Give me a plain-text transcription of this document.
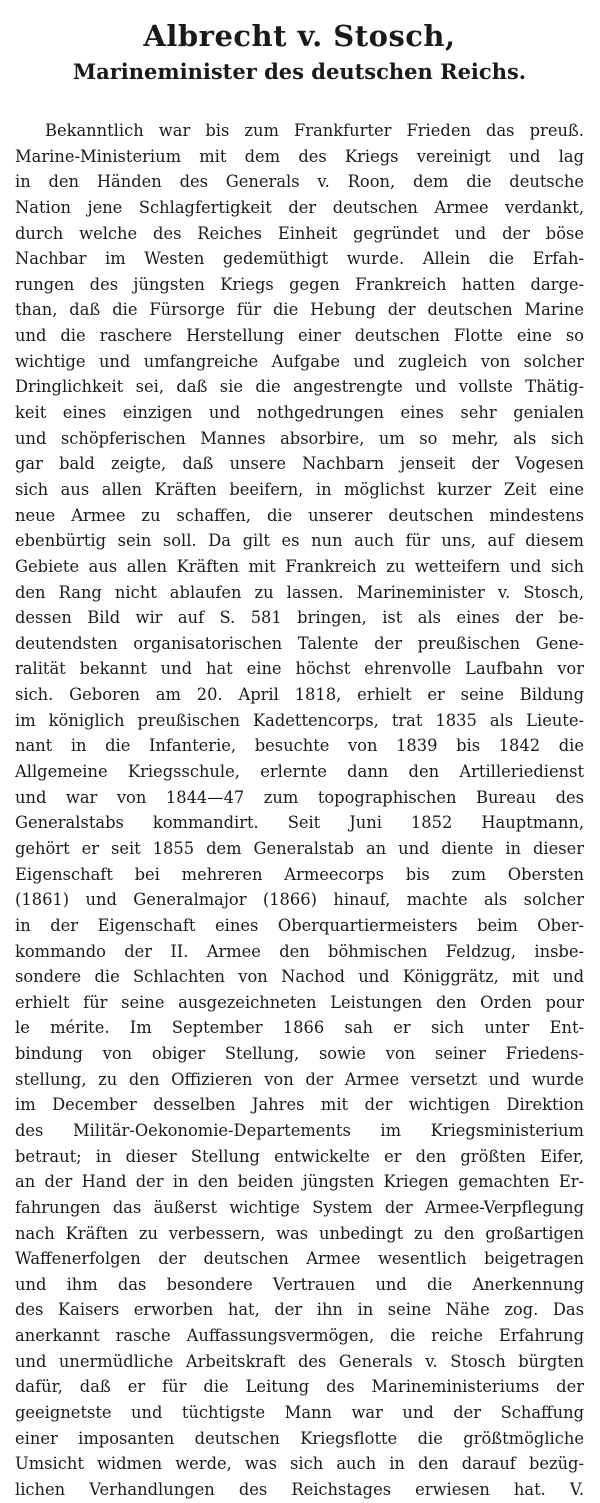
Albrecht v. Stosch,
Marineminister des deutschen Reichs.
Bekanntlich war bis zum Frankfurter Frieden das preuß.
Marine-Ministerium mit dem des Kriegs vereinigt und lag
in den Händen des Generals v. Roon, dem die deutsche
Nation jene Schlagfertigkeit der deutschen Armee verdankt,
durch welche des Reiches Einheit gegründet und der böse
Nachbar im Westen gedemüthigt wurde. Allein die Erfah-
rungen des jüngsten Kriegs gegen Frankreich hatten darge-
than, daß die Fürsorge für die Hebung der deutschen Marine
und die raschere Herstellung einer deutschen Flotte eine so
wichtige und umfangreiche Aufgabe und zugleich von solcher
Dringlichkeit sei, daß sie die angestrengte und vollste Thätig-
keit eines einzigen und nothgedrungen eines sehr genialen
und schöpferischen Mannes absorbire, um so mehr, als sich
gar bald zeigte, daß unsere Nachbarn jenseit der Vogesen
sich aus allen Kräften beeifern, in möglichst kurzer Zeit eine
neue Armee zu schaffen, die unserer deutschen mindestens
ebenbürtig sein soll. Da gilt es nun auch für uns, auf diesem
Gebiete aus allen Kräften mit Frankreich zu wetteifern und sich
den Rang nicht ablaufen zu lassen. Marineminister v. Stosch,
dessen Bild wir auf S. 581 bringen, ist als eines der be-
deutendsten organisatorischen Talente der preußischen Gene-
ralität bekannt und hat eine höchst ehrenvolle Laufbahn vor
sich. Geboren am 20. April 1818, erhielt er seine Bildung
im königlich preußischen Kadettencorps, trat 1835 als Lieute-
nant in die Infanterie, besuchte von 1839 bis 1842 die
Allgemeine Kriegsschule, erlernte dann den Artilleriedienst
und war von 1844—47 zum topographischen Bureau des
Generalstabs kommandirt. Seit Juni 1852 Hauptmann,
gehört er seit 1855 dem Generalstab an und diente in dieser
Eigenschaft bei mehreren Armeecorps bis zum Obersten
(1861) und Generalmajor (1866) hinauf, machte als solcher
in der Eigenschaft eines Oberquartiermeisters beim Ober-
kommando der II. Armee den böhmischen Feldzug, insbe-
sondere die Schlachten von Nachod und Königgrätz, mit und
erhielt für seine ausgezeichneten Leistungen den Orden pour
le mérite. Im September 1866 sah er sich unter Ent-
bindung von obiger Stellung, sowie von seiner Friedens-
stellung, zu den Offizieren von der Armee versetzt und wurde
im December desselben Jahres mit der wichtigen Direktion
des Militär-Oekonomie-Departements im Kriegsministerium
betraut; in dieser Stellung entwickelte er den größten Eifer,
an der Hand der in den beiden jüngsten Kriegen gemachten Er-
fahrungen das äußerst wichtige System der Armee-Verpflegung
nach Kräften zu verbessern, was unbedingt zu den großartigen
Waffenerfolgen der deutschen Armee wesentlich beigetragen
und ihm das besondere Vertrauen und die Anerkennung
des Kaisers erworben hat, der ihn in seine Nähe zog. Das
anerkannt rasche Auffassungsvermögen, die reiche Erfahrung
und unermüdliche Arbeitskraft des Generals v. Stosch bürgten
dafür, daß er für die Leitung des Marineministeriums der
geeignetste und tüchtigste Mann war und der Schaffung
einer imposanten deutschen Kriegsflotte die größtmögliche
Umsicht widmen werde, was sich auch in den darauf bezüg-
lichen Verhandlungen des Reichstages erwiesen hat. V.
